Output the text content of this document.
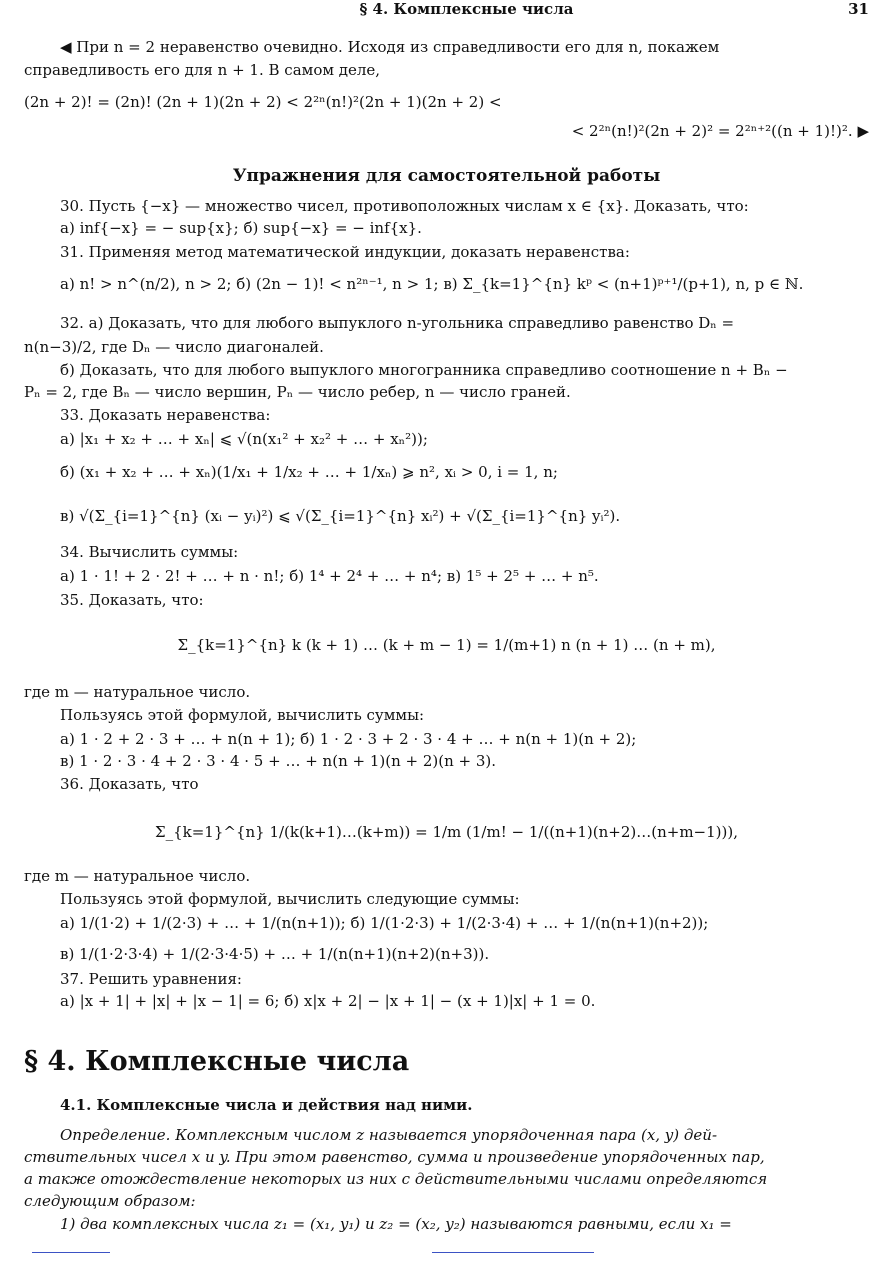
§ 4. Комплексные числа	31
◀ При n = 2 неравенство очевидно. Исходя из справедливости его для n, покажем
справедливость его для n + 1. В самом деле,
(2n + 2)! = (2n)! (2n + 1)(2n + 2) < 2²ⁿ(n!)²(2n + 1)(2n + 2) <
< 2²ⁿ(n!)²(2n + 2)² = 2²ⁿ⁺²((n + 1)!)². ▶
Упражнения для самостоятельной работы
30. Пусть {−x} — множество чисел, противоположных числам x ∈ {x}. Доказать, что:
а) inf{−x} = − sup{x}; б) sup{−x} = − inf{x}.
31. Применяя метод математической индукции, доказать неравенства:
а) n! > n^(n/2), n > 2; б) (2n − 1)! < n²ⁿ⁻¹, n > 1; в) Σ_{k=1}^{n} kᵖ < (n+1)ᵖ⁺¹/(p+1), n, p ∈ ℕ.
32. а) Доказать, что для любого выпуклого n-угольника справедливо равенство Dₙ =
n(n−3)/2, где Dₙ — число диагоналей.
б) Доказать, что для любого выпуклого многогранника справедливо соотношение n + Bₙ −
Pₙ = 2, где Bₙ — число вершин, Pₙ — число ребер, n — число граней.
33. Доказать неравенства:
а) |x₁ + x₂ + … + xₙ| ⩽ √(n(x₁² + x₂² + … + xₙ²));
б) (x₁ + x₂ + … + xₙ)(1/x₁ + 1/x₂ + … + 1/xₙ) ⩾ n², xᵢ > 0, i = 1, n;
в) √(Σ_{i=1}^{n} (xᵢ − yᵢ)²) ⩽ √(Σ_{i=1}^{n} xᵢ²) + √(Σ_{i=1}^{n} yᵢ²).
34. Вычислить суммы:
а) 1 · 1! + 2 · 2! + … + n · n!; б) 1⁴ + 2⁴ + … + n⁴; в) 1⁵ + 2⁵ + … + n⁵.
35. Доказать, что:
Σ_{k=1}^{n} k (k + 1) … (k + m − 1) = 1/(m+1) n (n + 1) … (n + m),
где m — натуральное число.
Пользуясь этой формулой, вычислить суммы:
а) 1 · 2 + 2 · 3 + … + n(n + 1); б) 1 · 2 · 3 + 2 · 3 · 4 + … + n(n + 1)(n + 2);
в) 1 · 2 · 3 · 4 + 2 · 3 · 4 · 5 + … + n(n + 1)(n + 2)(n + 3).
36. Доказать, что
Σ_{k=1}^{n} 1/(k(k+1)…(k+m)) = 1/m (1/m! − 1/((n+1)(n+2)…(n+m−1))),
где m — натуральное число.
Пользуясь этой формулой, вычислить следующие суммы:
а) 1/(1·2) + 1/(2·3) + … + 1/(n(n+1)); б) 1/(1·2·3) + 1/(2·3·4) + … + 1/(n(n+1)(n+2));
в) 1/(1·2·3·4) + 1/(2·3·4·5) + … + 1/(n(n+1)(n+2)(n+3)).
37. Решить уравнения:
а) |x + 1| + |x| + |x − 1| = 6; б) x|x + 2| − |x + 1| − (x + 1)|x| + 1 = 0.
§ 4. Комплексные числа
4.1. Комплексные числа и действия над ними.
Определение. Комплексным числом z называется упорядоченная пара (x, y) дей-
ствительных чисел x и y. При этом равенство, сумма и произведение упорядоченных пар,
а также отождествление некоторых из них с действительными числами определяются
следующим образом:
1) два комплексных числа z₁ = (x₁, y₁) и z₂ = (x₂, y₂) называются равными, если x₁ =
